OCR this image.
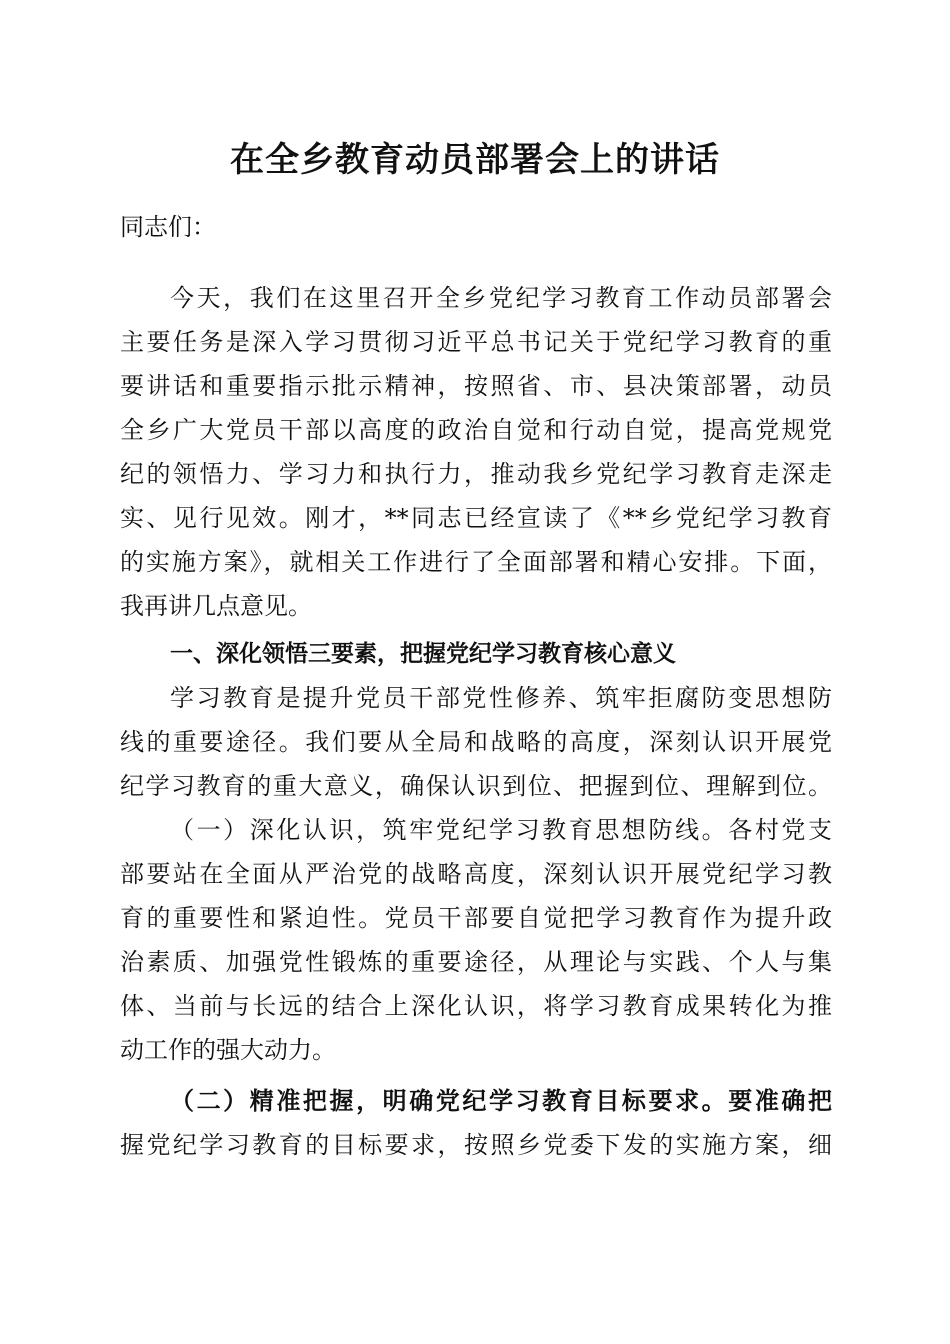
在全乡教育动员部署会上的讲话
同志们：
今天，我们在这里召开全乡党纪学习教育工作动员部署会
主要任务是深入学习贯彻习近平总书记关于党纪学习教育的重
要讲话和重要指示批示精神，按照省、市、县决策部署，动员
全乡广大党员干部以高度的政治自觉和行动自觉，提高党规党
纪的领悟力、学习力和执行力，推动我乡党纪学习教育走深走
实、见行见效。刚才，**同志已经宣读了《**乡党纪学习教育
的实施方案》，就相关工作进行了全面部署和精心安排。下面，
我再讲几点意见。
一、深化领悟三要素，把握党纪学习教育核心意义
学习教育是提升党员干部党性修养、筑牢拒腐防变思想防
线的重要途径。我们要从全局和战略的高度，深刻认识开展党
纪学习教育的重大意义，确保认识到位、把握到位、理解到位。
（一）深化认识，筑牢党纪学习教育思想防线。各村党支
部要站在全面从严治党的战略高度，深刻认识开展党纪学习教
育的重要性和紧迫性。党员干部要自觉把学习教育作为提升政
治素质、加强党性锻炼的重要途径，从理论与实践、个人与集
体、当前与长远的结合上深化认识，将学习教育成果转化为推
动工作的强大动力。
（二）精准把握，明确党纪学习教育目标要求。要准确把
握党纪学习教育的目标要求，按照乡党委下发的实施方案，细
